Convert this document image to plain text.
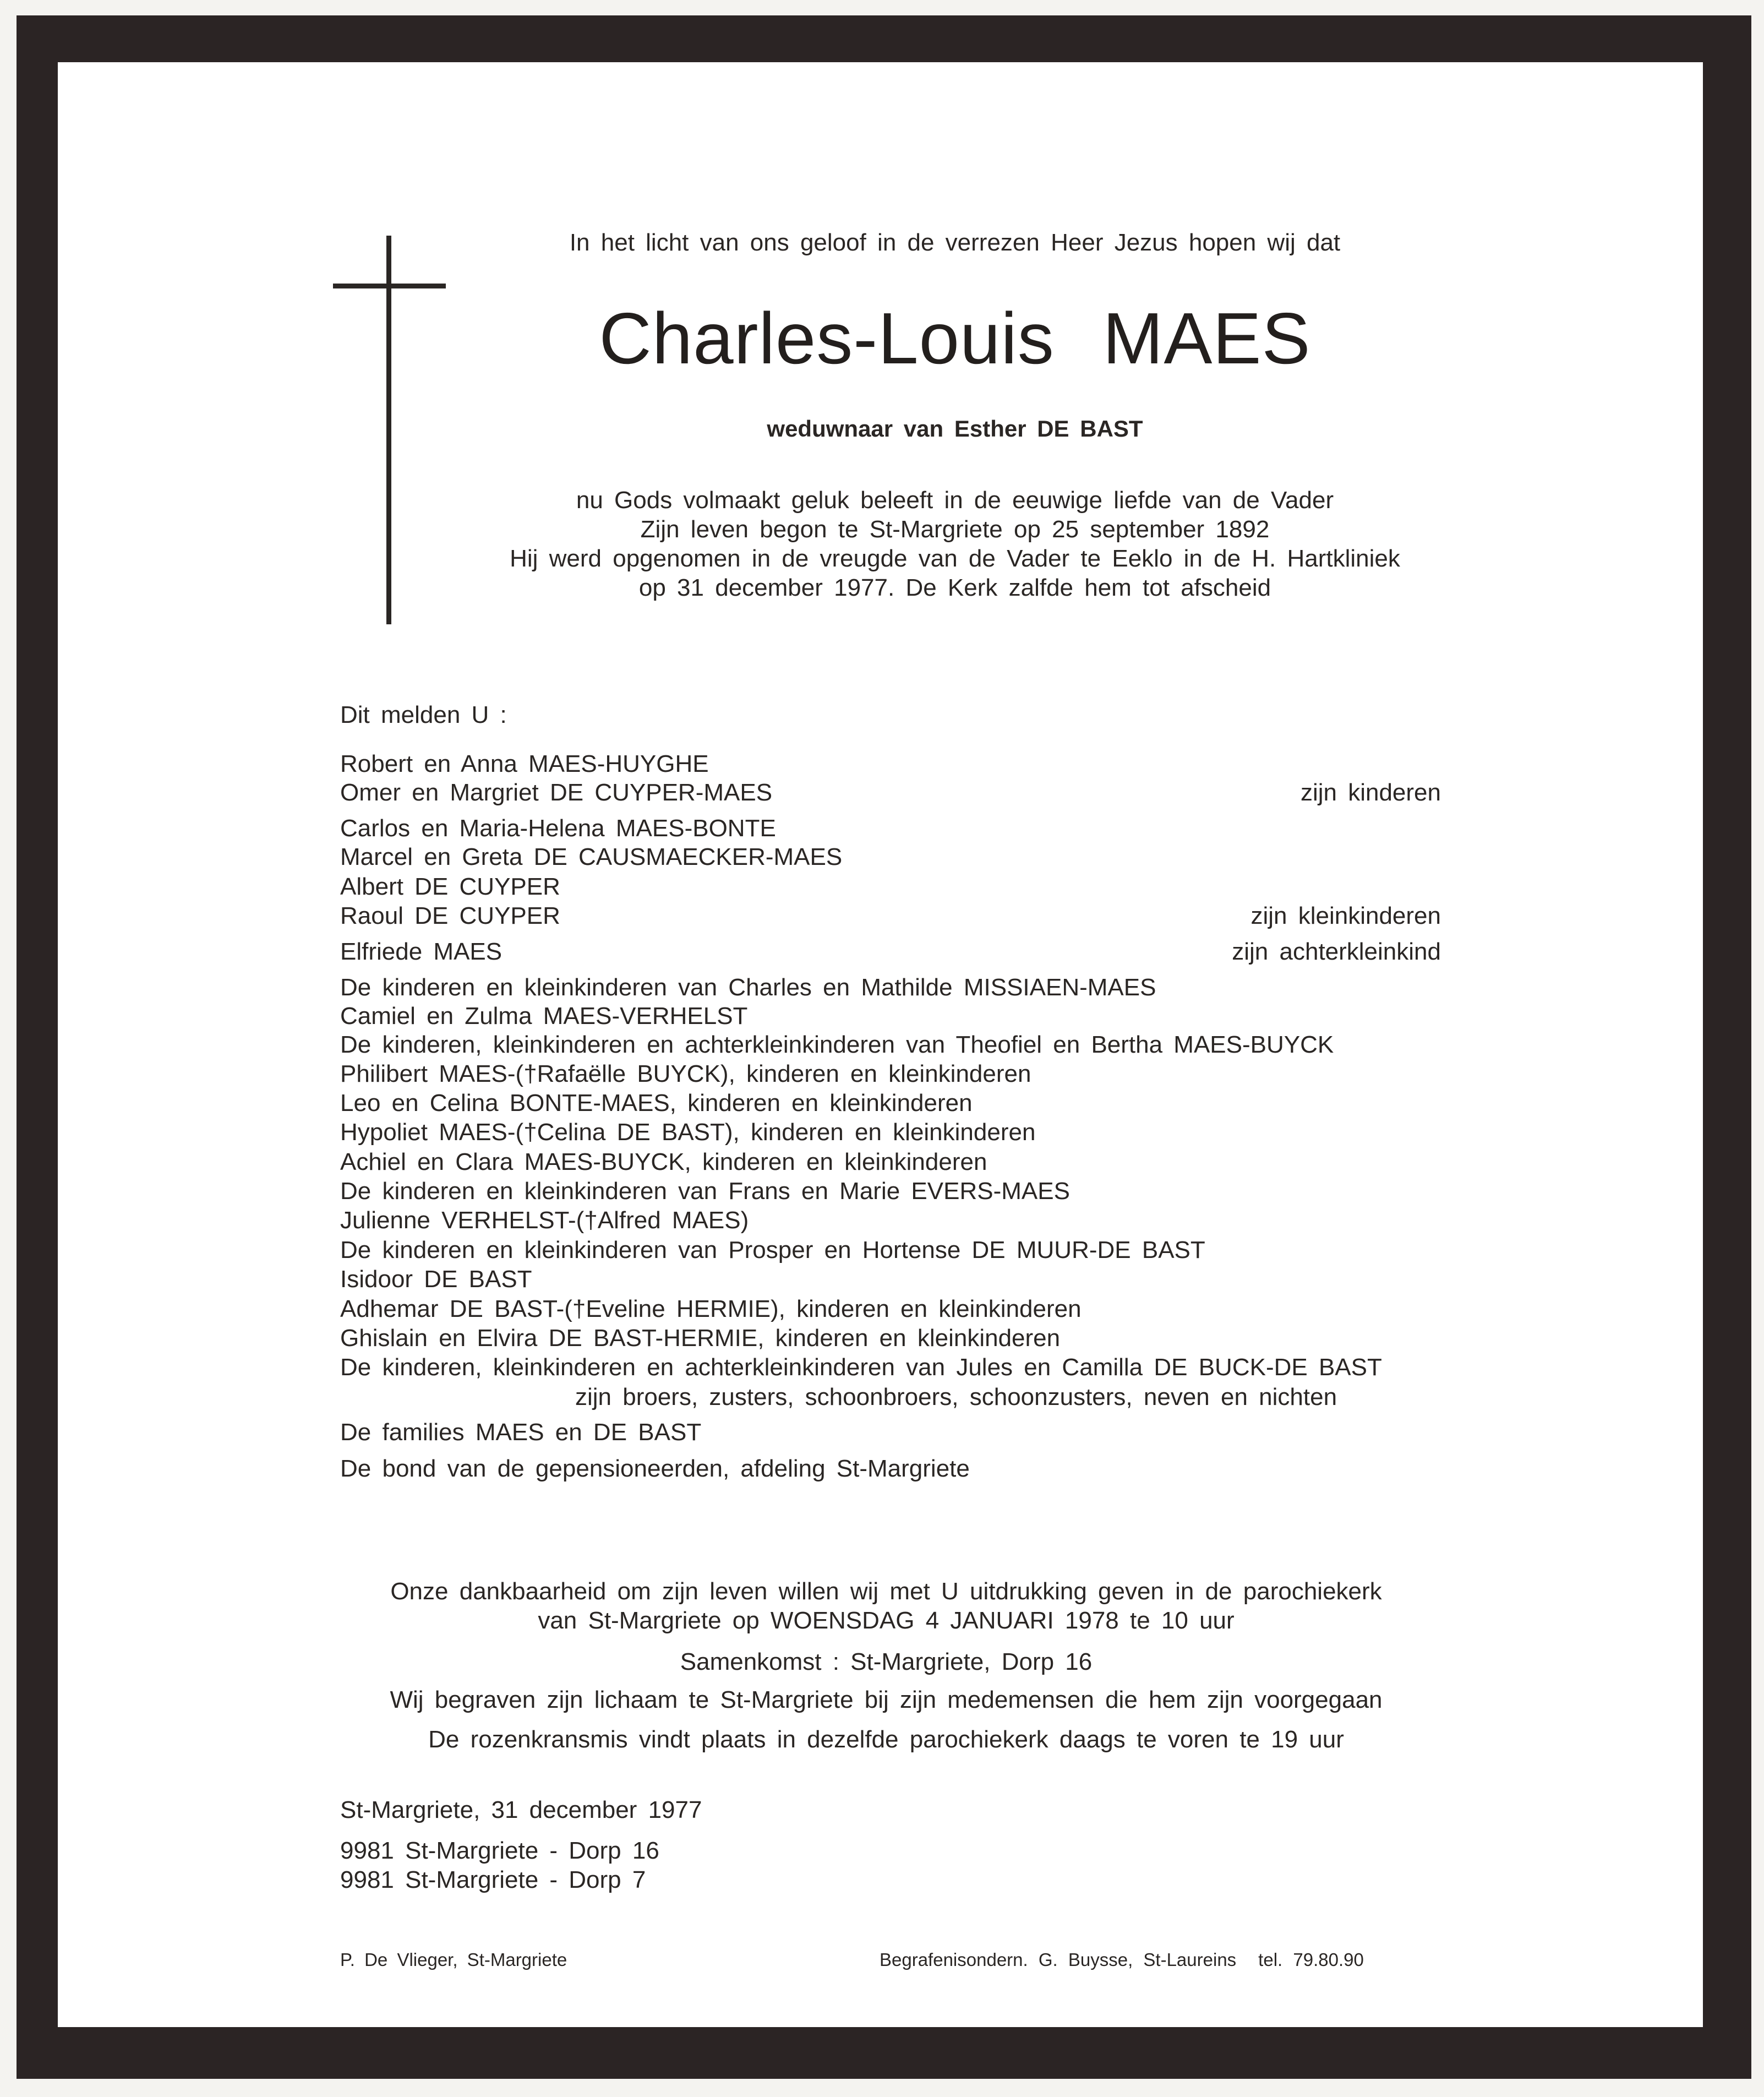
In het licht van ons geloof in de verrezen Heer Jezus hopen wij dat
Charles-Louis MAES
weduwnaar van Esther DE BAST
nu Gods volmaakt geluk beleeft in de eeuwige liefde van de Vader
Zijn leven begon te St-Margriete op 25 september 1892
Hij werd opgenomen in de vreugde van de Vader te Eeklo in de H. Hartkliniek
op 31 december 1977. De Kerk zalfde hem tot afscheid
Dit melden U :
Robert en Anna MAES-HUYGHE
Omer en Margriet DE CUYPER-MAES	zijn kinderen
Carlos en Maria-Helena MAES-BONTE
Marcel en Greta DE CAUSMAECKER-MAES
Albert DE CUYPER
Raoul DE CUYPER	zijn kleinkinderen
Elfriede MAES	zijn achterkleinkind
De kinderen en kleinkinderen van Charles en Mathilde MISSIAEN-MAES
Camiel en Zulma MAES-VERHELST
De kinderen, kleinkinderen en achterkleinkinderen van Theofiel en Bertha MAES-BUYCK
Philibert MAES-(†Rafaëlle BUYCK), kinderen en kleinkinderen
Leo en Celina BONTE-MAES, kinderen en kleinkinderen
Hypoliet MAES-(†Celina DE BAST), kinderen en kleinkinderen
Achiel en Clara MAES-BUYCK, kinderen en kleinkinderen
De kinderen en kleinkinderen van Frans en Marie EVERS-MAES
Julienne VERHELST-(†Alfred MAES)
De kinderen en kleinkinderen van Prosper en Hortense DE MUUR-DE BAST
Isidoor DE BAST
Adhemar DE BAST-(†Eveline HERMIE), kinderen en kleinkinderen
Ghislain en Elvira DE BAST-HERMIE, kinderen en kleinkinderen
De kinderen, kleinkinderen en achterkleinkinderen van Jules en Camilla DE BUCK-DE BAST
zijn broers, zusters, schoonbroers, schoonzusters, neven en nichten
De families MAES en DE BAST
De bond van de gepensioneerden, afdeling St-Margriete
Onze dankbaarheid om zijn leven willen wij met U uitdrukking geven in de parochiekerk
van St-Margriete op WOENSDAG 4 JANUARI 1978 te 10 uur
Samenkomst : St-Margriete, Dorp 16
Wij begraven zijn lichaam te St-Margriete bij zijn medemensen die hem zijn voorgegaan
De rozenkransmis vindt plaats in dezelfde parochiekerk daags te voren te 19 uur
St-Margriete, 31 december 1977
9981 St-Margriete - Dorp 16
9981 St-Margriete - Dorp 7
P. De Vlieger, St-Margriete	Begrafenisondern. G. Buysse, St-Laureins tel. 79.80.90
